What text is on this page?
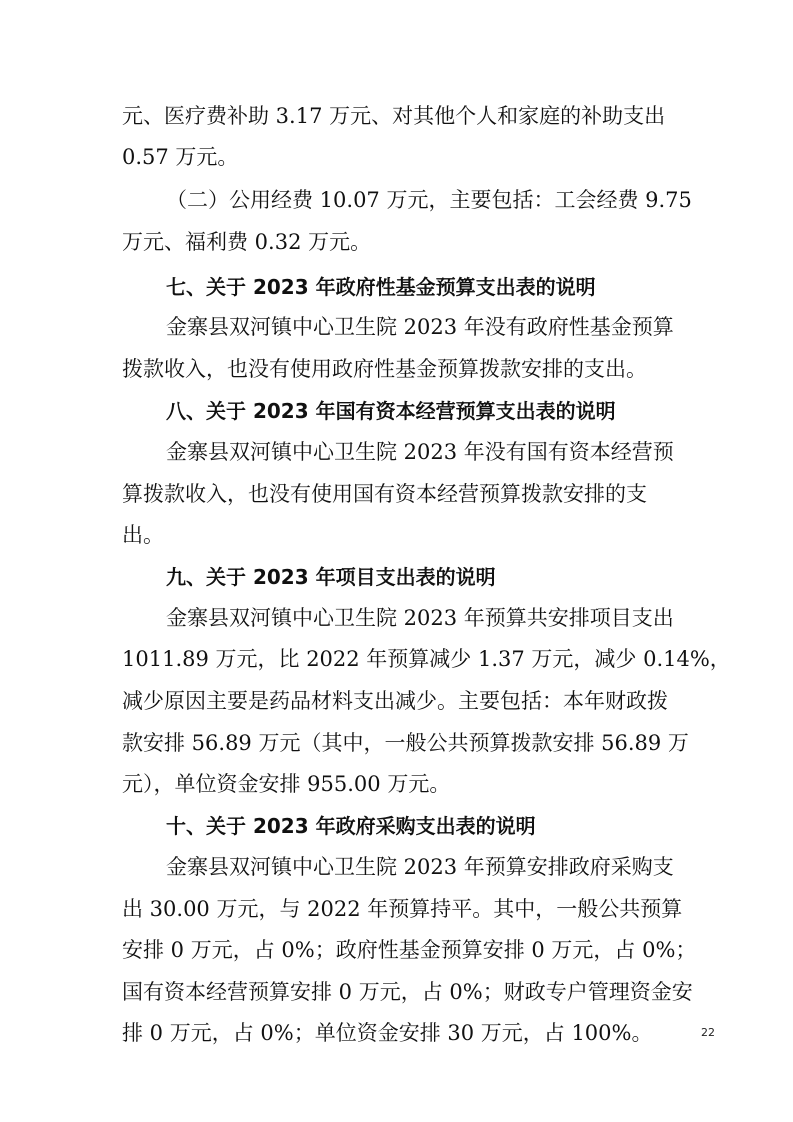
元、医疗费补助 3.17 万元、对其他个人和家庭的补助支出
0.57 万元。
（二）公用经费 10.07 万元，主要包括：工会经费 9.75
万元、福利费 0.32 万元。
七、关于 2023 年政府性基金预算支出表的说明
金寨县双河镇中心卫生院 2023 年没有政府性基金预算
拨款收入，也没有使用政府性基金预算拨款安排的支出。
八、关于 2023 年国有资本经营预算支出表的说明
金寨县双河镇中心卫生院 2023 年没有国有资本经营预
算拨款收入，也没有使用国有资本经营预算拨款安排的支
出。
九、关于 2023 年项目支出表的说明
金寨县双河镇中心卫生院 2023 年预算共安排项目支出
1011.89 万元，比 2022 年预算减少 1.37 万元，减少 0.14%，
减少原因主要是药品材料支出减少。主要包括：本年财政拨
款安排 56.89 万元（其中，一般公共预算拨款安排 56.89 万
元），单位资金安排 955.00 万元。
十、关于 2023 年政府采购支出表的说明
金寨县双河镇中心卫生院 2023 年预算安排政府采购支
出 30.00 万元，与 2022 年预算持平。其中，一般公共预算
安排 0 万元，占 0%；政府性基金预算安排 0 万元，占 0%；
国有资本经营预算安排 0 万元，占 0%；财政专户管理资金安
排 0 万元，占 0%；单位资金安排 30 万元，占 100%。	22
